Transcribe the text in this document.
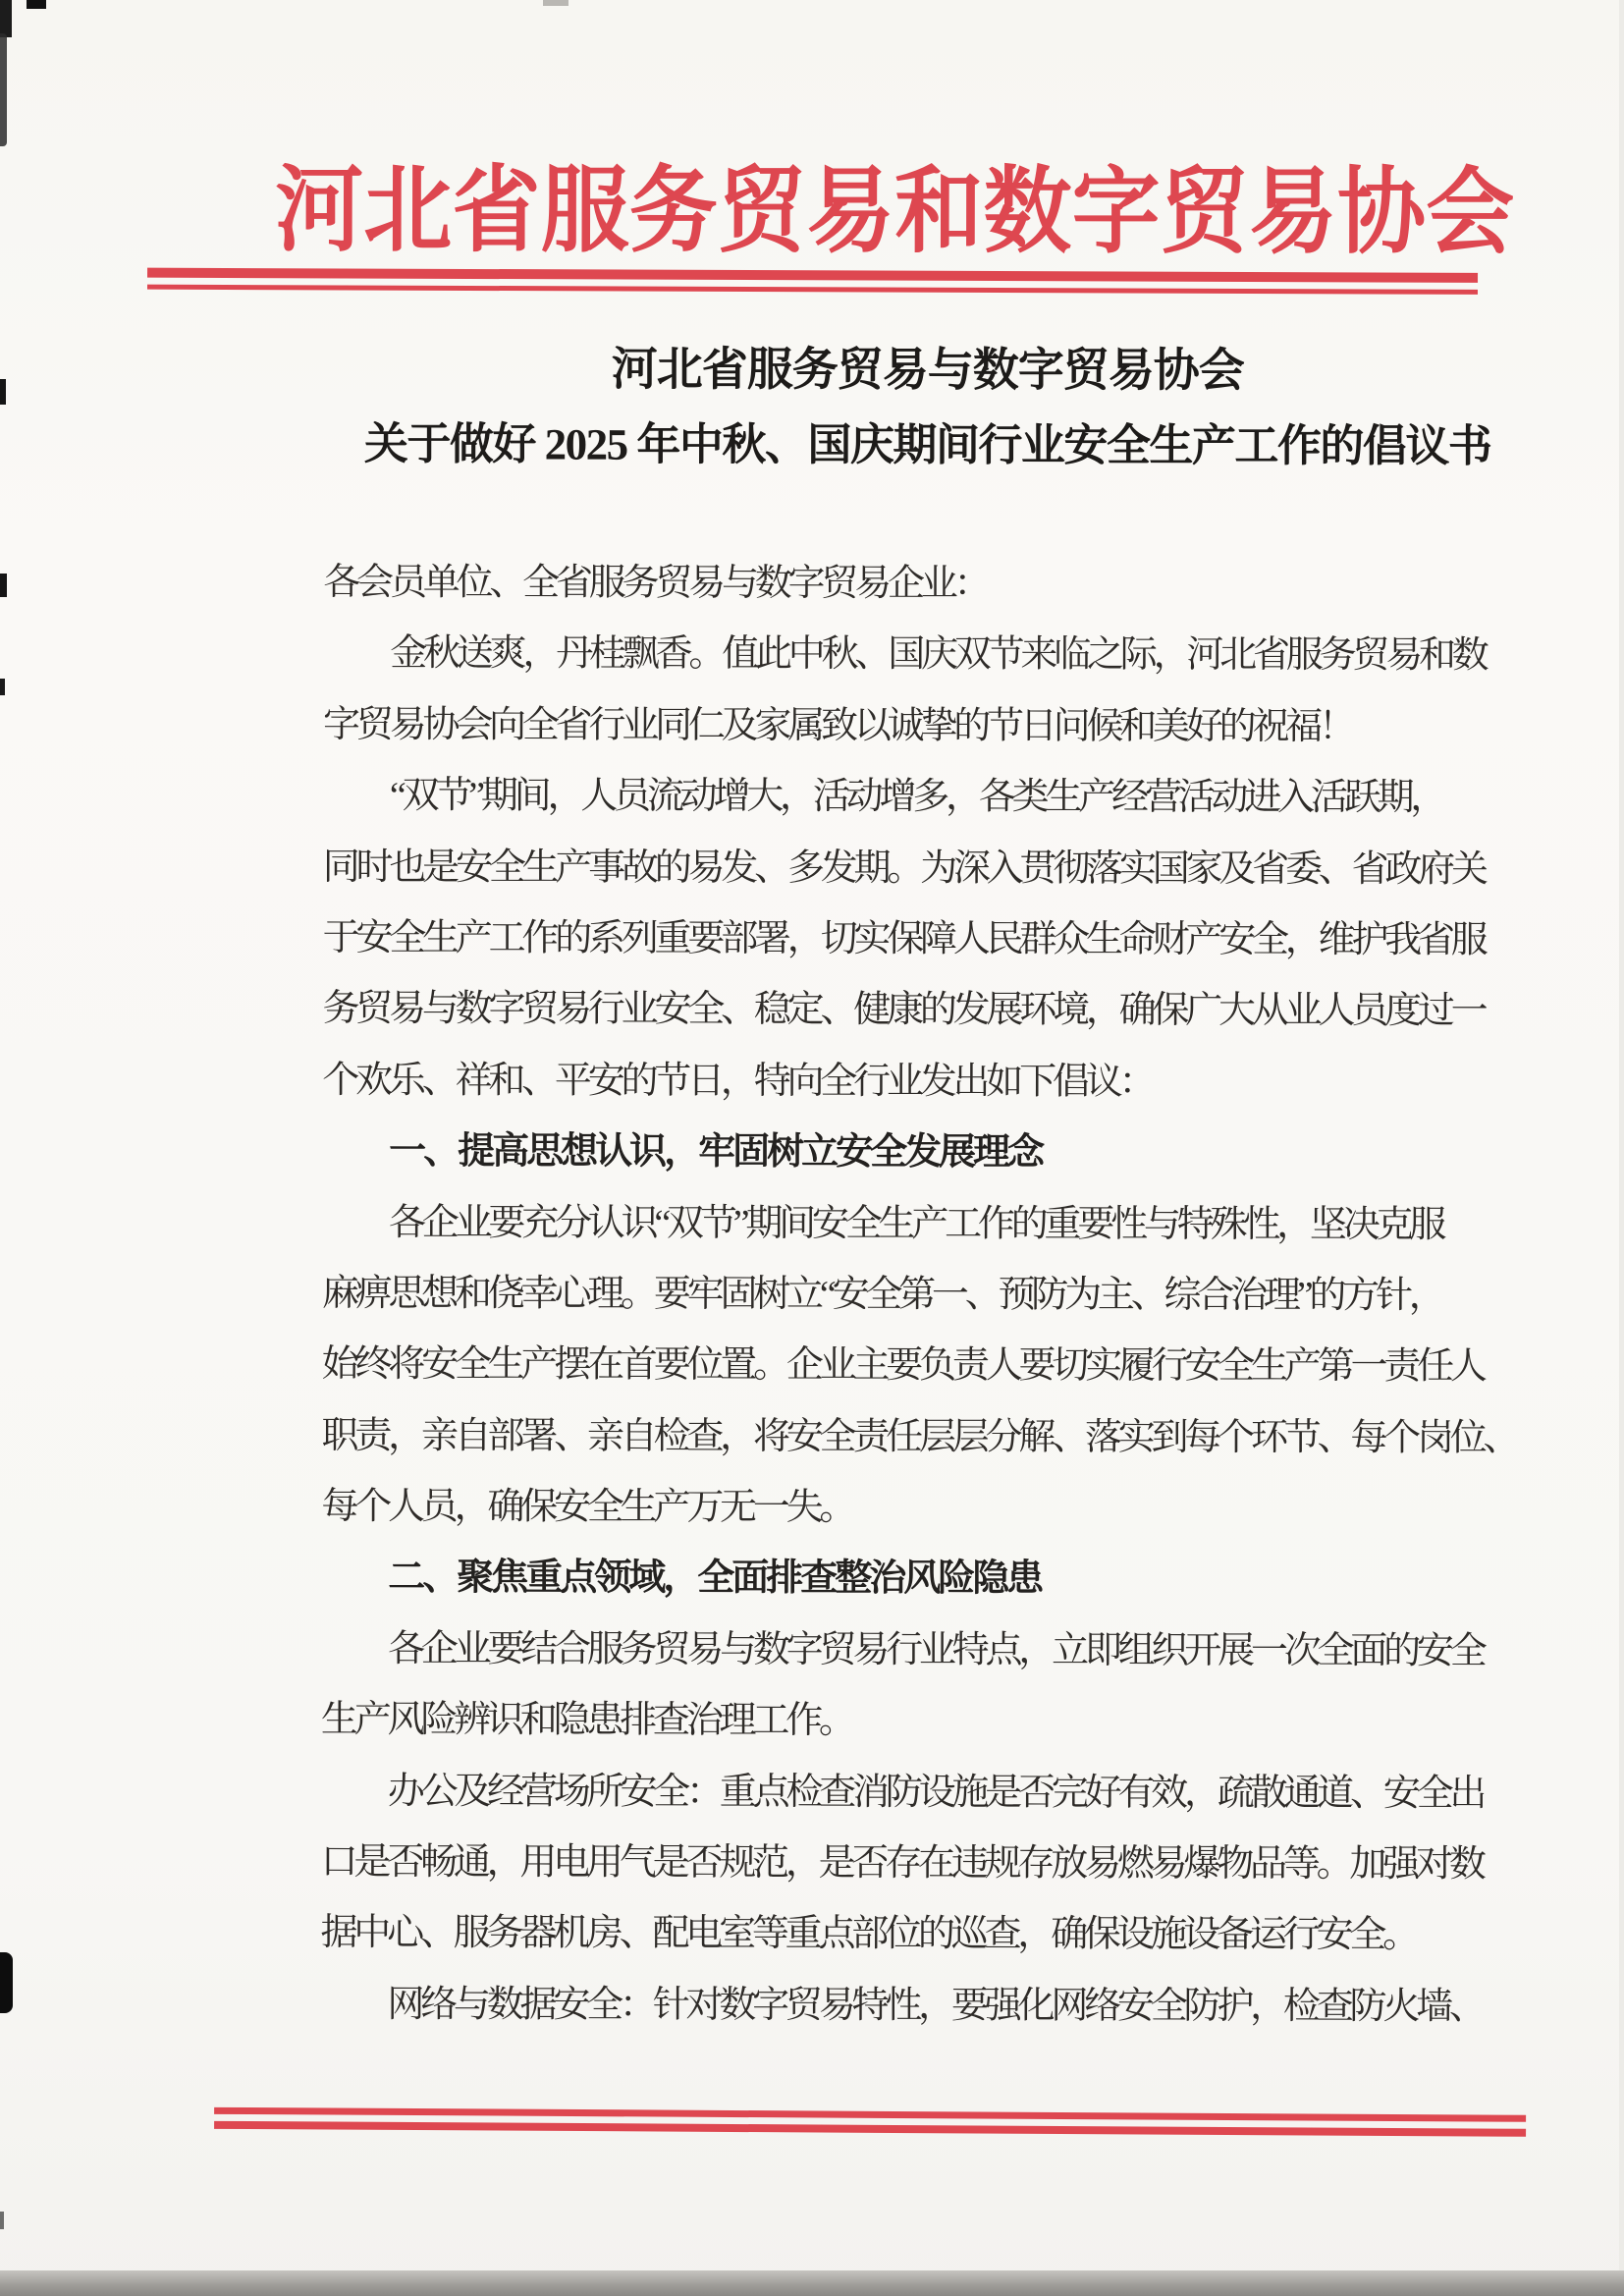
河北省服务贸易和数字贸易协会
河北省服务贸易与数字贸易协会
关于做好 2025 年中秋、国庆期间行业安全生产工作的倡议书
各会员单位、全省服务贸易与数字贸易企业：
金秋送爽，丹桂飘香。值此中秋、国庆双节来临之际，河北省服务贸易和数
字贸易协会向全省行业同仁及家属致以诚挚的节日问候和美好的祝福！
“双节”期间，人员流动增大，活动增多，各类生产经营活动进入活跃期，
同时也是安全生产事故的易发、多发期。为深入贯彻落实国家及省委、省政府关
于安全生产工作的系列重要部署，切实保障人民群众生命财产安全，维护我省服
务贸易与数字贸易行业安全、稳定、健康的发展环境，确保广大从业人员度过一
个欢乐、祥和、平安的节日，特向全行业发出如下倡议：
一、提高思想认识，牢固树立安全发展理念
各企业要充分认识“双节”期间安全生产工作的重要性与特殊性，坚决克服
麻痹思想和侥幸心理。要牢固树立“安全第一、预防为主、综合治理”的方针，
始终将安全生产摆在首要位置。企业主要负责人要切实履行安全生产第一责任人
职责，亲自部署、亲自检查，将安全责任层层分解、落实到每个环节、每个岗位、
每个人员，确保安全生产万无一失。
二、聚焦重点领域，全面排查整治风险隐患
各企业要结合服务贸易与数字贸易行业特点，立即组织开展一次全面的安全
生产风险辨识和隐患排查治理工作。
办公及经营场所安全：重点检查消防设施是否完好有效，疏散通道、安全出
口是否畅通，用电用气是否规范，是否存在违规存放易燃易爆物品等。加强对数
据中心、服务器机房、配电室等重点部位的巡查，确保设施设备运行安全。
网络与数据安全：针对数字贸易特性，要强化网络安全防护，检查防火墙、
